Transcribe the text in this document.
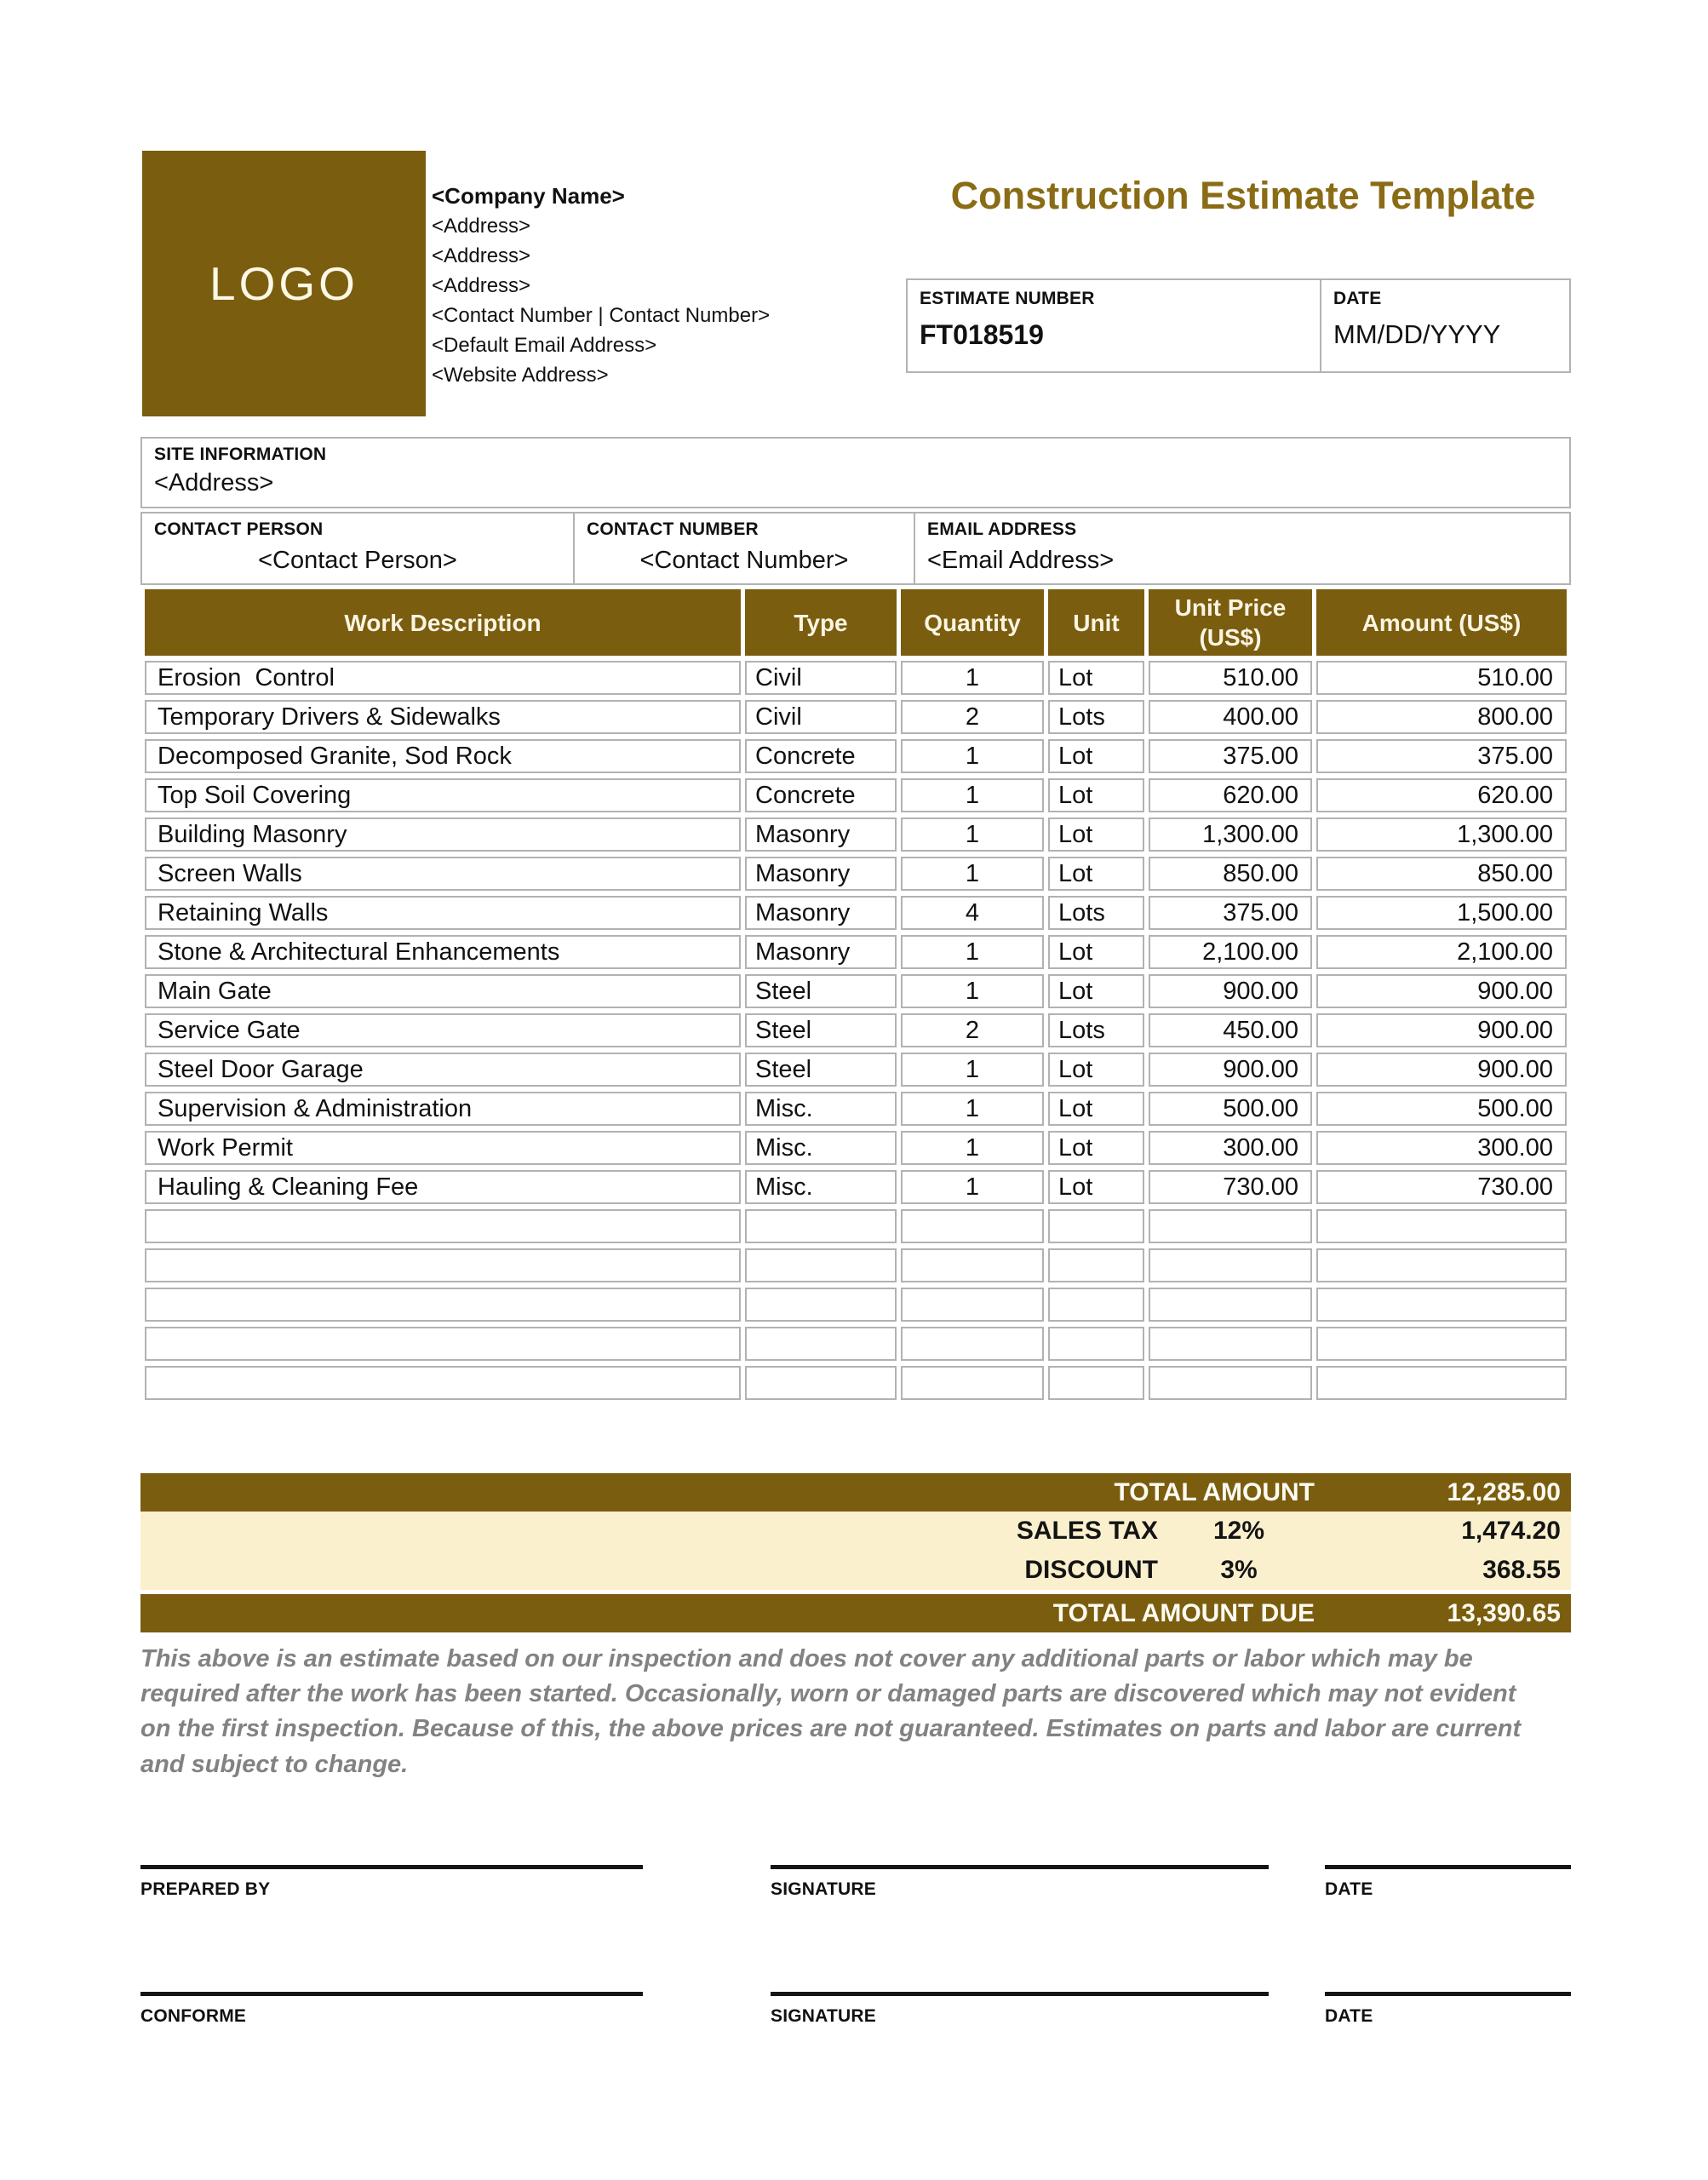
LOGO
<Company Name>
<Address>
<Address>
<Address>
<Contact Number | Contact Number>
<Default Email Address>
<Website Address>
Construction Estimate Template
ESTIMATE NUMBER
FT018519
DATE
MM/DD/YYYY
SITE INFORMATION
<Address>
CONTACT PERSON
<Contact Person>
CONTACT NUMBER
<Contact Number>
EMAIL ADDRESS
<Email Address>
Work Description	Type	Quantity	Unit	Unit Price (US$)	Amount (US$)
Erosion  Control	Civil	1	Lot	510.00	510.00
Temporary Drivers & Sidewalks	Civil	2	Lots	400.00	800.00
Decomposed Granite, Sod Rock	Concrete	1	Lot	375.00	375.00
Top Soil Covering	Concrete	1	Lot	620.00	620.00
Building Masonry	Masonry	1	Lot	1,300.00	1,300.00
Screen Walls	Masonry	1	Lot	850.00	850.00
Retaining Walls	Masonry	4	Lots	375.00	1,500.00
Stone & Architectural Enhancements	Masonry	1	Lot	2,100.00	2,100.00
Main Gate	Steel	1	Lot	900.00	900.00
Service Gate	Steel	2	Lots	450.00	900.00
Steel Door Garage	Steel	1	Lot	900.00	900.00
Supervision & Administration	Misc.	1	Lot	500.00	500.00
Work Permit	Misc.	1	Lot	300.00	300.00
Hauling & Cleaning Fee	Misc.	1	Lot	730.00	730.00

TOTAL AMOUNT	12,285.00
SALES TAX	12%	1,474.20
DISCOUNT	3%	368.55
TOTAL AMOUNT DUE	13,390.65
This above is an estimate based on our inspection and does not cover any additional parts or labor which may be required after the work has been started. Occasionally, worn or damaged parts are discovered which may not evident on the first inspection. Because of this, the above prices are not guaranteed. Estimates on parts and labor are current and subject to change.
PREPARED BY	SIGNATURE	DATE
CONFORME	SIGNATURE	DATE
